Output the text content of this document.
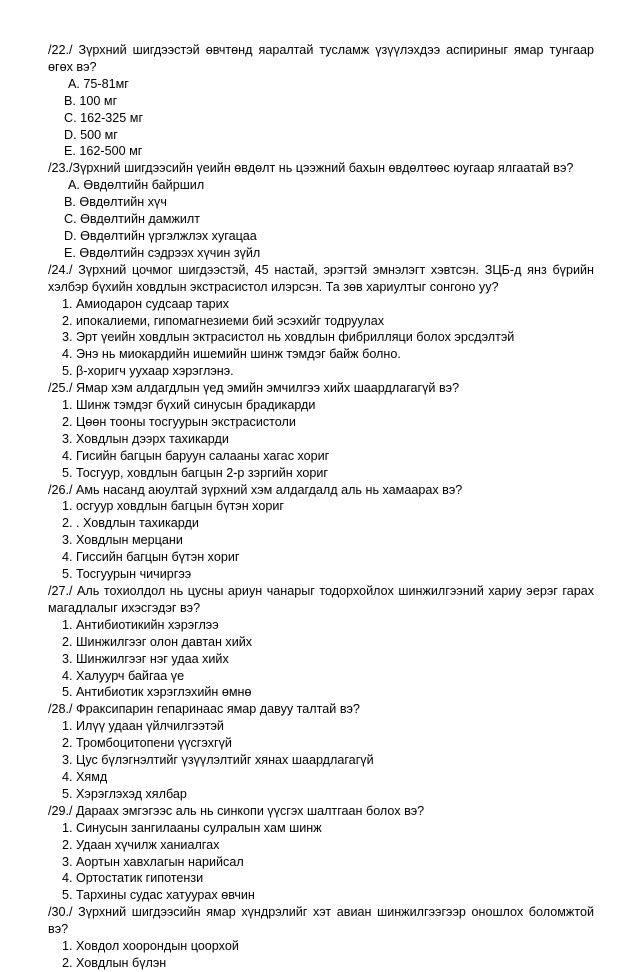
/22./ Зүрхний шигдээстэй өвчтөнд яаралтай тусламж үзүүлэхдээ аспириныг ямар тунгаар өгөх вэ?
A. 75-81мг
B. 100 мг
C. 162-325 мг
D. 500 мг
E. 162-500 мг
/23./Зүрхний шигдээсийн үеийн өвдөлт нь цээжний бахын өвдөлтөөс юугаар ялгаатай вэ?
A. Өвдөлтийн байршил
B. Өвдөлтийн хүч
C. Өвдөлтийн дамжилт
D. Өвдөлтийн үргэлжлэх хугацаа
E. Өвдөлтийн сэдрээх хүчин зүйл
/24./ Зүрхний цочмог шигдээстэй, 45 настай, эрэгтэй эмнэлэгт хэвтсэн. ЗЦБ-д янз бүрийн хэлбэр бүхийн ховдлын экстрасистол илэрсэн. Та зөв хариултыг сонгоно уу?
1. Амиодарон судсаар тарих
2. ипокалиеми, гипомагнезиеми бий эсэхийг тодруулах
3. Эрт үеийн ховдлын эктрасистол нь ховдлын фибрилляци болох эрсдэлтэй
4. Энэ нь миокардийн ишемийн шинж тэмдэг байж болно.
5. β-хоригч уухаар хэрэглэнэ.
/25./ Ямар хэм алдагдлын үед эмийн эмчилгээ хийх шаардлагагүй вэ?
1. Шинж тэмдэг бүхий синусын брадикарди
2. Цөөн тооны тосгуурын экстрасистоли
3. Ховдлын дээрх тахикарди
4. Гисийн багцын баруун салааны хагас хориг
5. Тосгуур, ховдлын багцын 2-р зэргийн хориг
/26./ Амь насанд аюултай зүрхний хэм алдагдалд аль нь хамаарах вэ?
1. осгуур ховдлын багцын бүтэн хориг
2. . Ховдлын тахикарди
3. Ховдлын мерцани
4. Гиссийн багцын бүтэн хориг
5. Тосгуурын чичиргээ
/27./ Аль тохиолдол нь цусны ариун чанарыг тодорхойлох шинжилгээний хариу эерэг гарах магадлалыг ихэсгэдэг вэ?
1. Антибиотикийн хэрэглээ
2. Шинжилгээг олон давтан хийх
3. Шинжилгээг нэг удаа хийх
4. Халуурч байгаа үе
5. Антибиотик хэрэглэхийн өмнө
/28./ Фраксипарин гепаринаас ямар давуу талтай вэ?
1. Илүү удаан үйлчилгээтэй
2. Тромбоцитопени үүсгэхгүй
3. Цус бүлэгнэлтийг үзүүлэлтийг хянах шаардлагагүй
4. Хямд
5. Хэрэглэхэд хялбар
/29./ Дараах эмгэгээс аль нь синкопи үүсгэх шалтгаан болох вэ?
1. Синусын зангилааны сулралын хам шинж
2. Удаан хүчилж ханиалгах
3. Аортын хавхлагын нарийсал
4. Ортостатик гипотензи
5. Тархины судас хатуурах өвчин
/30./ Зүрхний шигдээсийн ямар хүндрэлийг хэт авиан шинжилгээгээр оношлох боломжтой вэ?
1. Ховдол хоорондын цоорхой
2. Ховдлын бүлэн
